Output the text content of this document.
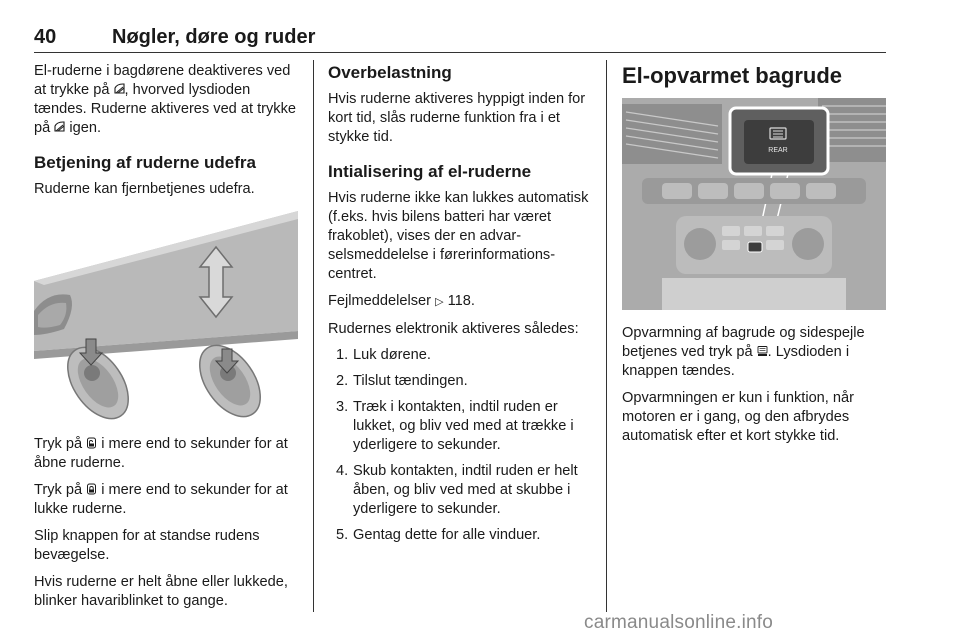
40	Nøgler, døre og ruder

El-ruderne i bagdørene deaktiveres ved at trykke på , hvorved lysdioden tændes. Ruderne aktiveres ved at trykke på  igen.

Betjening af ruderne udefra

Ruderne kan fjernbetjenes udefra.

Tryk på  i mere end to sekunder for at åbne ruderne.

Tryk på  i mere end to sekunder for at lukke ruderne.

Slip knappen for at standse rudens bevægelse.

Hvis ruderne er helt åbne eller lukkede, blinker havariblinket to gange.

Overbelastning

Hvis ruderne aktiveres hyppigt inden for kort tid, slås ruderne funktion fra i et stykke tid.

Intialisering af el-ruderne

Hvis ruderne ikke kan lukkes automatisk (f.eks. hvis bilens batteri har været frakoblet), vises der en advarselsmeddelelse i førerinformationscentret.

Fejlmeddelelser ▷ 118.

Rudernes elektronik aktiveres således:

1. Luk dørene.
2. Tilslut tændingen.
3. Træk i kontakten, indtil ruden er lukket, og bliv ved med at trække i yderligere to sekunder.
4. Skub kontakten, indtil ruden er helt åben, og bliv ved med at skubbe i yderligere to sekunder.
5. Gentag dette for alle vinduer.
El-opvarmet bagrude
REAR

Opvarmning af bagrude og sidespejle betjenes ved tryk på . Lysdioden i knappen tændes.

Opvarmningen er kun i funktion, når motoren er i gang, og den afbrydes automatisk efter et kort stykke tid.

carmanualsonline.info
